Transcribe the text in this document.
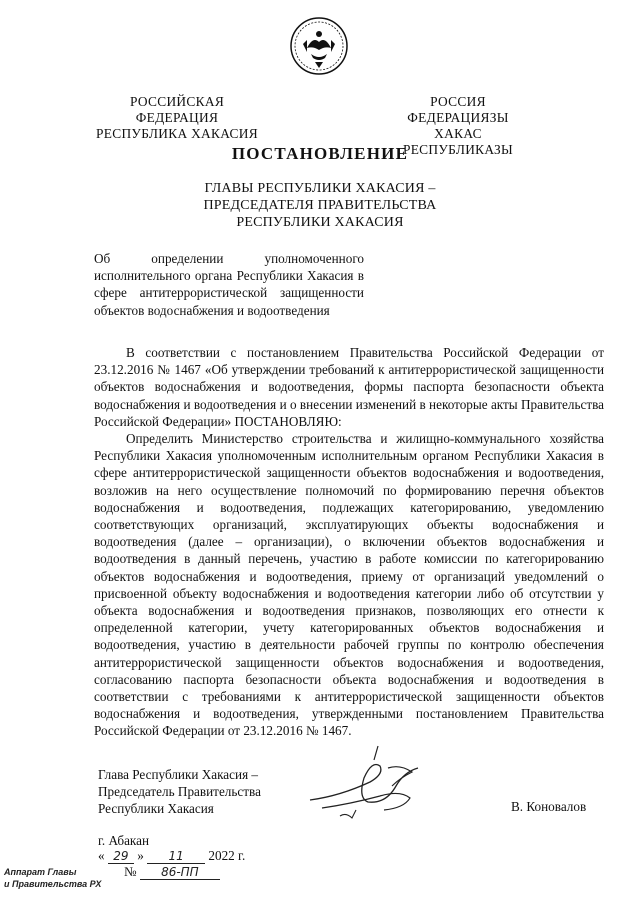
РОССИЙСКАЯ ФЕДЕРАЦИЯ
РЕСПУБЛИКА ХАКАСИЯ
РОССИЯ ФЕДЕРАЦИЯЗЫ
ХАКАС РЕСПУБЛИКАЗЫ
ПОСТАНОВЛЕНИЕ
ГЛАВЫ РЕСПУБЛИКИ ХАКАСИЯ –
ПРЕДСЕДАТЕЛЯ ПРАВИТЕЛЬСТВА
РЕСПУБЛИКИ ХАКАСИЯ
Об определении уполномоченного исполнительного органа Республики Хакасия в сфере антитеррористической защищенности объектов водоснабжения и водоотведения

В соответствии с постановлением Правительства Российской Федерации от 23.12.2016 № 1467 «Об утверждении требований к антитеррористической защищенности объектов водоснабжения и водоотведения, формы паспорта безопасности объекта водоснабжения и водоотведения и о внесении изменений в некоторые акты Правительства Российской Федерации» ПОСТАНОВЛЯЮ:

Определить Министерство строительства и жилищно-коммунального хозяйства Республики Хакасия уполномоченным исполнительным органом Республики Хакасия в сфере антитеррористической защищенности объектов водоснабжения и водоотведения, возложив на него осуществление полномочий по формированию перечня объектов водоснабжения и водоотведения, подлежащих категорированию, уведомлению соответствующих организаций, эксплуатирующих объекты водоснабжения и водоотведения (далее – организации), о включении объектов водоснабжения и водоотведения в данный перечень, участию в работе комиссии по категорированию объектов водоснабжения и водоотведения, приему от организаций уведомлений о присвоенной объекту водоснабжения и водоотведения категории либо об отсутствии у объекта водоснабжения и водоотведения признаков, позволяющих его отнести к определенной категории, учету категорированных объектов водоснабжения и водоотведения, участию в деятельности рабочей группы по контролю обеспечения антитеррористической защищенности объектов водоснабжения и водоотведения, согласованию паспорта безопасности объекта водоснабжения и водоотведения в соответствии с требованиями к антитеррористической защищенности объектов водоснабжения и водоотведения, утвержденными постановлением Правительства Российской Федерации от 23.12.2016 № 1467.

Глава Республики Хакасия –
Председатель Правительства
Республики Хакасия	В. Коновалов
г. Абакан
« 29 » 11 2022 г.
№ 86-ПП
Аппарат Главы
и Правительства РХ
